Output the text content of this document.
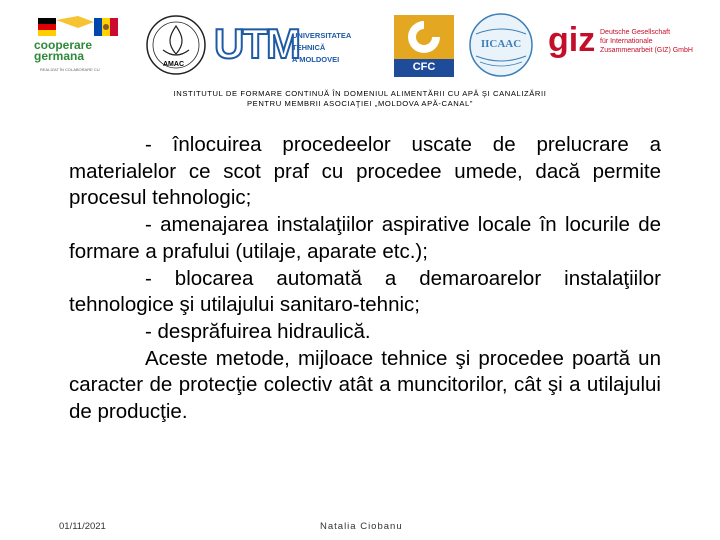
cooperare
germana
REALIZAT ÎN COLABORARE CU
AMAC UTM
UNIVERSITATEA TEHNICĂ
A MOLDOVEI
CFC
IICAAC giz Deutsche Gesellschaft
für Internationale
Zusammenarbeit (GIZ) GmbH
INSTITUTUL DE FORMARE CONTINUĂ ÎN DOMENIUL ALIMENTĂRII CU APĂ ŞI CANALIZĂRII
PENTRU MEMBRII ASOCIAŢIEI „MOLDOVA APĂ-CANAL”
- înlocuirea procedeelor uscate de prelucrare a materialelor ce scot praf cu procedee umede, dacă permite procesul tehnologic;
- amenajarea instalaţiilor aspirative locale în locurile de formare a prafului (utilaje, aparate etc.);
- blocarea automată a demaroarelor instalaţiilor tehnologice şi utilajului sanitaro-tehnic;
- desprăfuirea hidraulică.
Aceste metode, mijloace tehnice şi procedee poartă un caracter de protecţie colectiv atât a muncitorilor, cât şi a utilajului de producţie.
01/11/2021	Natalia Ciobanu
